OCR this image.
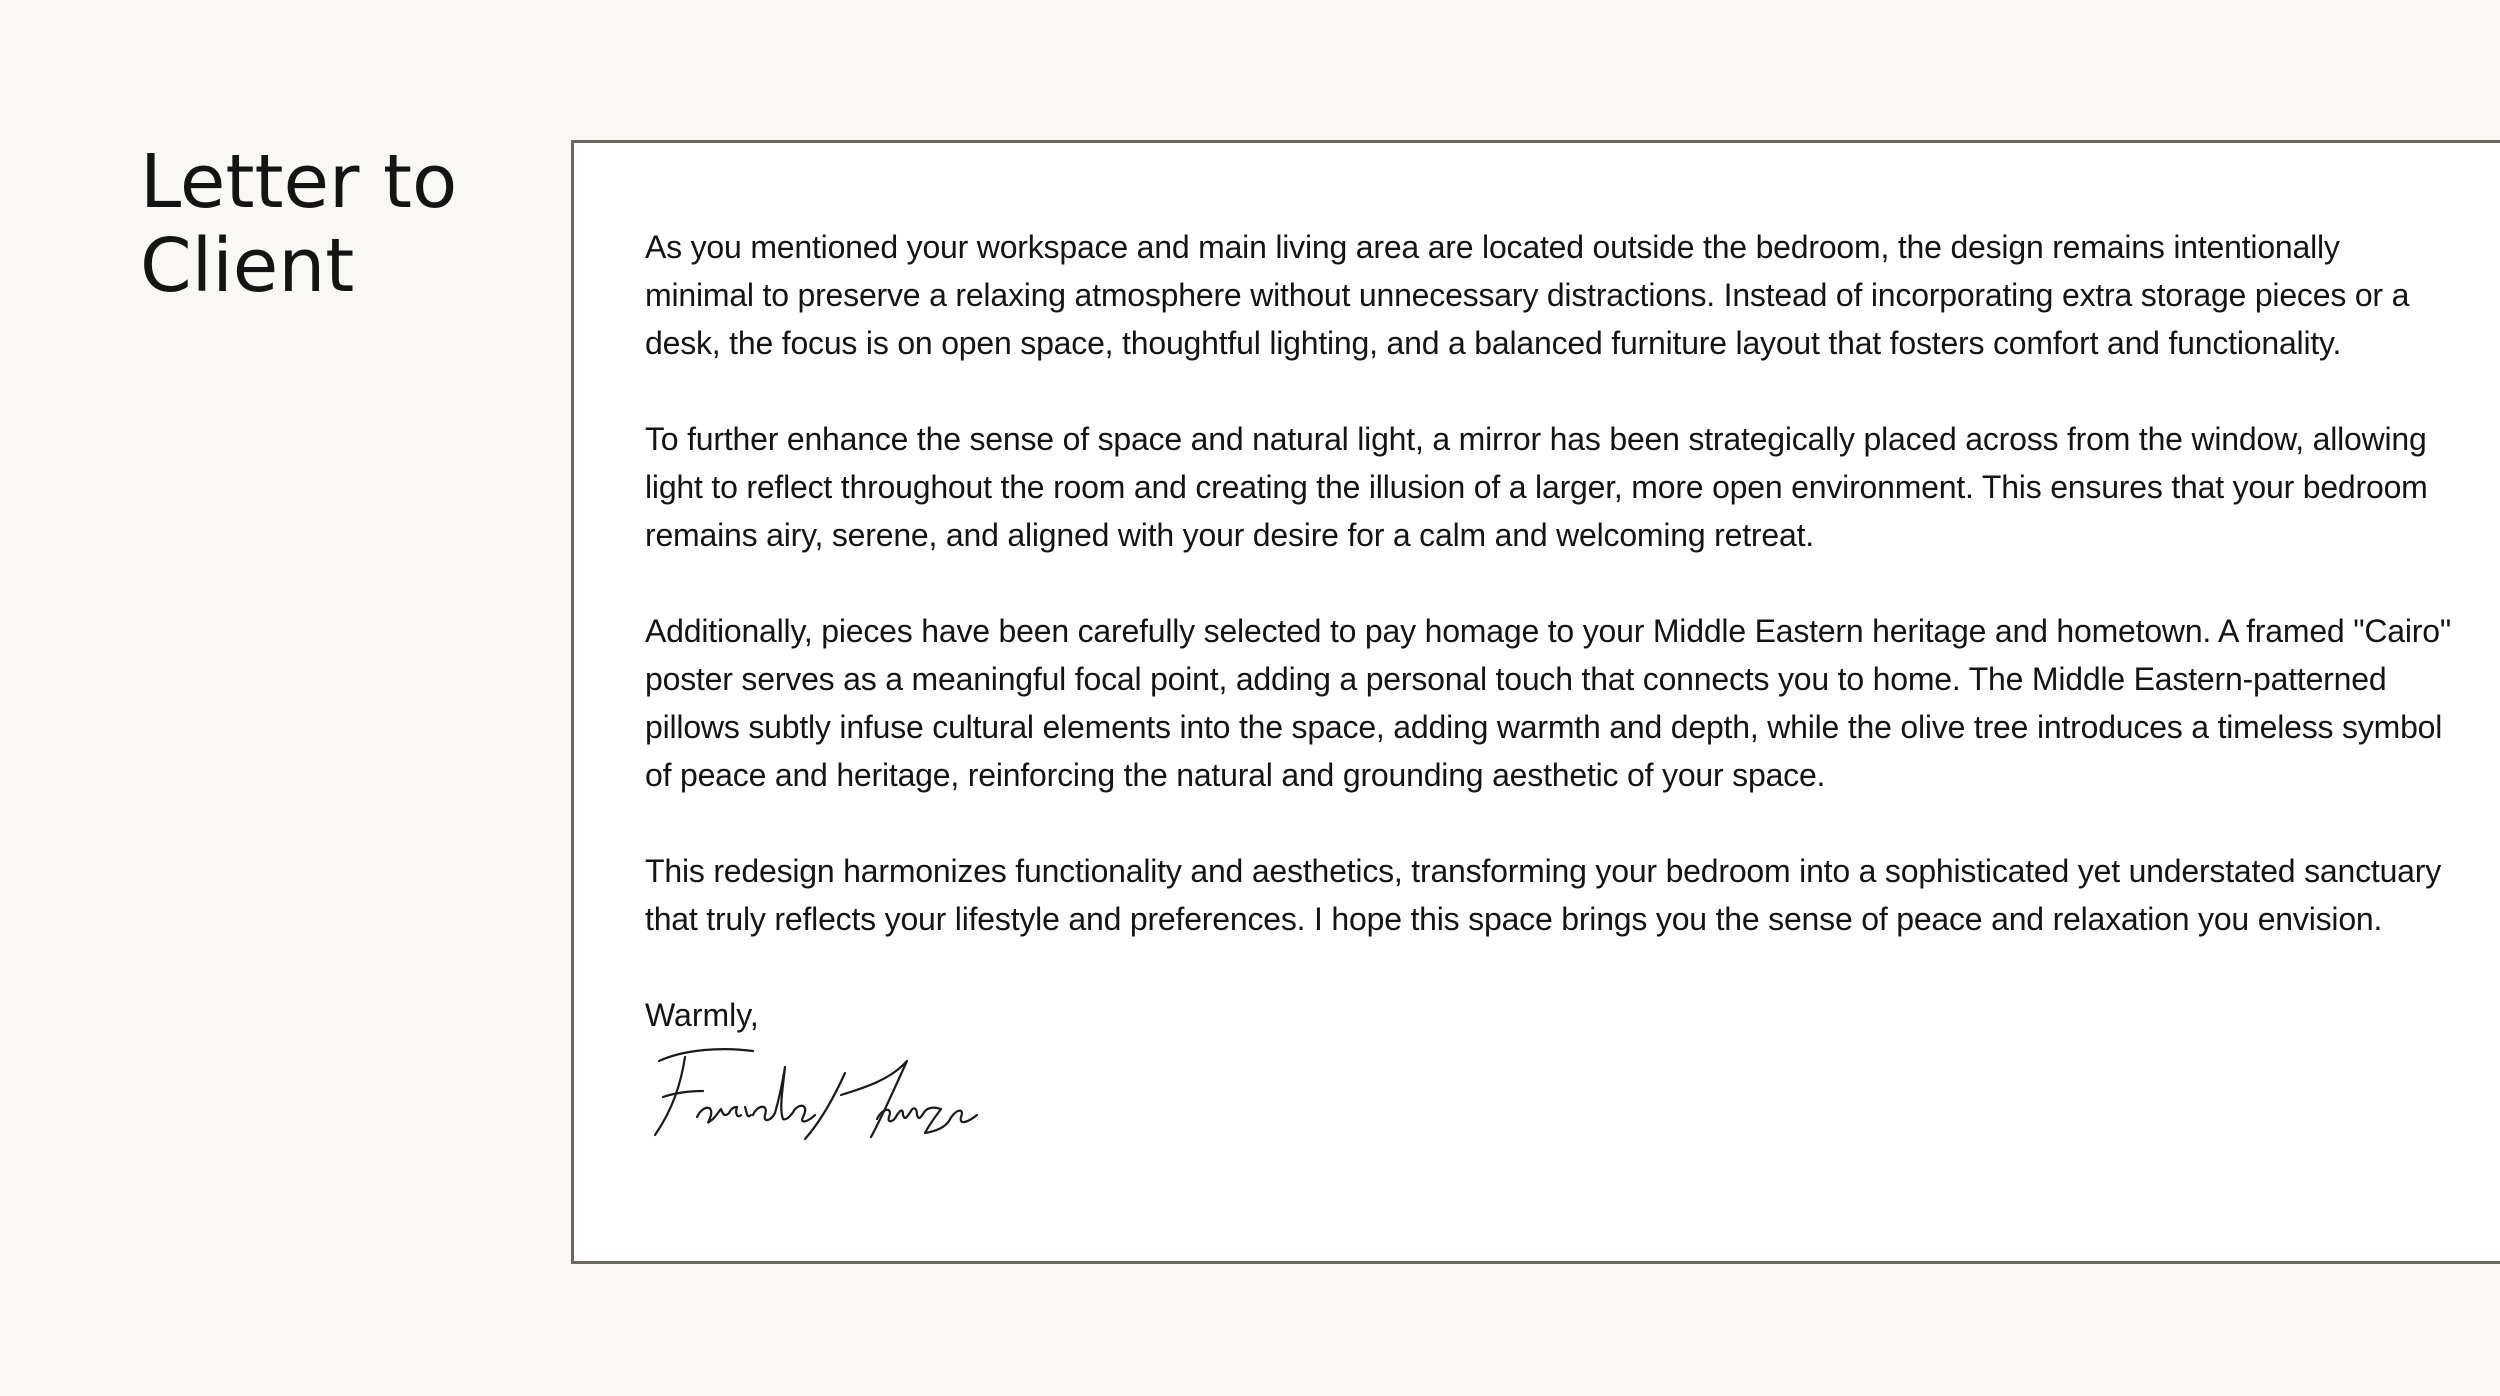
Letter to Client	As you mentioned your workspace and main living area are located outside the bedroom, the design remains intentionally minimal to preserve a relaxing atmosphere without unnecessary distractions. Instead of incorporating extra storage pieces or a desk, the focus is on open space, thoughtful lighting, and a balanced furniture layout that fosters comfort and functionality.

To further enhance the sense of space and natural light, a mirror has been strategically placed across from the window, allowing light to reflect throughout the room and creating the illusion of a larger, more open environment. This ensures that your bedroom remains airy, serene, and aligned with your desire for a calm and welcoming retreat.

Additionally, pieces have been carefully selected to pay homage to your Middle Eastern heritage and hometown. A framed "Cairo" poster serves as a meaningful focal point, adding a personal touch that connects you to home. The Middle Eastern-patterned pillows subtly infuse cultural elements into the space, adding warmth and depth, while the olive tree introduces a timeless symbol of peace and heritage, reinforcing the natural and grounding aesthetic of your space.

This redesign harmonizes functionality and aesthetics, transforming your bedroom into a sophisticated yet understated sanctuary that truly reflects your lifestyle and preferences. I hope this space brings you the sense of peace and relaxation you envision.

Warmly,
